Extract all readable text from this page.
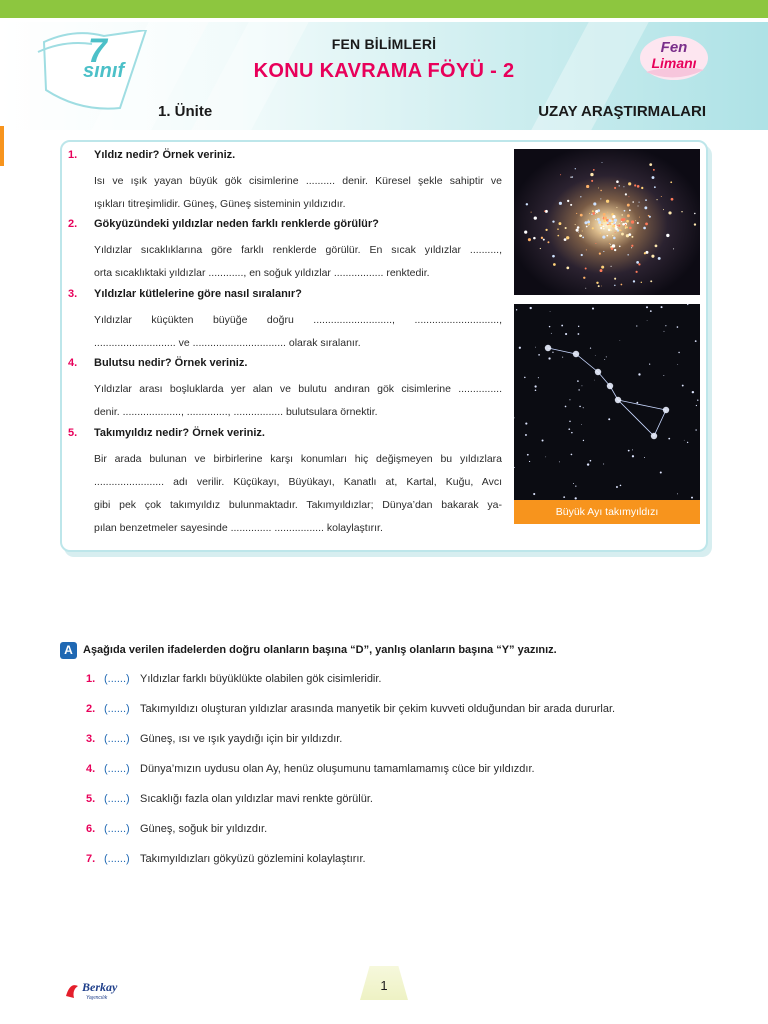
7
sınıf
FEN BİLİMLERİ
KONU KAVRAMA FÖYÜ - 2
1. Ünite	UZAY ARAŞTIRMALARI
Fen
Limanı
1. Yıldız nedir? Örnek veriniz.
Isı ve ışık yayan büyük gök cisimlerine .......... denir. Küresel şekle sahiptir ve
ışıkları titreşimlidir. Güneş, Güneş sisteminin yıldızıdır.
2. Gökyüzündeki yıldızlar neden farklı renklerde görülür?
Yıldızlar sıcaklıklarına göre farklı renklerde görülür. En sıcak yıldızlar ..........,
orta sıcaklıktaki yıldızlar ............, en soğuk yıldızlar ................. renktedir.
3. Yıldızlar kütlelerine göre nasıl sıralanır?
Yıldızlar küçükten büyüğe doğru ..........................., .............................,
............................ ve ................................ olarak sıralanır.
4. Bulutsu nedir? Örnek veriniz.
Yıldızlar arası boşluklarda yer alan ve bulutu andıran gök cisimlerine ...............
denir. ...................., .............., ................. bulutsulara örnektir.
5. Takımyıldız nedir? Örnek veriniz.
Bir arada bulunan ve birbirlerine karşı konumları hiç değişmeyen bu yıldızlara
........................ adı verilir. Küçükayı, Büyükayı, Kanatlı at, Kartal, Kuğu, Avcı
gibi pek çok takımyıldız bulunmaktadır. Takımyıldızlar; Dünya’dan bakarak ya-
pılan benzetmeler sayesinde .............. ................. kolaylaştırır.
Büyük Ayı takımyıldızı
A Aşağıda verilen ifadelerden doğru olanların başına “D”, yanlış olanların başına “Y” yazınız.
1. (......) Yıldızlar farklı büyüklükte olabilen gök cisimleridir.
2. (......) Takımyıldızı oluşturan yıldızlar arasında manyetik bir çekim kuvveti olduğundan bir arada dururlar.
3. (......) Güneş, ısı ve ışık yaydığı için bir yıldızdır.
4. (......) Dünya’mızın uydusu olan Ay, henüz oluşumunu tamamlamamış cüce bir yıldızdır.
5. (......) Sıcaklığı fazla olan yıldızlar mavi renkte görülür.
6. (......) Güneş, soğuk bir yıldızdır.
7. (......) Takımyıldızları gökyüzü gözlemini kolaylaştırır.
Berkay
Yayıncılık
1
